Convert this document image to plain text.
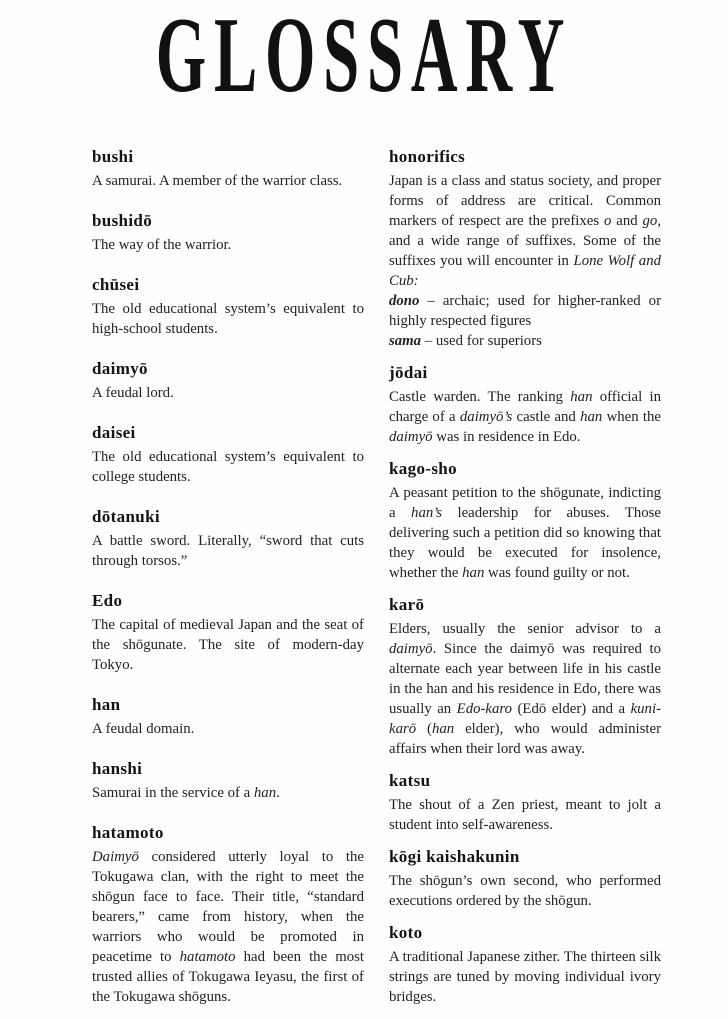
GLOSSARY
bushi

A samurai. A member of the warrior class.

bushidō

The way of the warrior.

chūsei

The old educational system’s equivalent to high-school students.

daimyō

A feudal lord.

daisei

The old educational system’s equivalent to college students.

dōtanuki

A battle sword. Literally, “sword that cuts through torsos.”

Edo

The capital of medieval Japan and the seat of the shōgunate. The site of modern-day Tokyo.

han

A feudal domain.

hanshi

Samurai in the service of a han.

hatamoto

Daimyō considered utterly loyal to the Tokugawa clan, with the right to meet the shōgun face to face. Their title, “standard bearers,” came from history, when the warriors who would be promoted in peacetime to hatamoto had been the most trusted allies of Tokugawa Ieyasu, the first of the Tokugawa shōguns.

honorifics

Japan is a class and status society, and proper forms of address are critical. Common markers of respect are the prefixes o and go, and a wide range of suffixes. Some of the suffixes you will encounter in Lone Wolf and Cub:

dono – archaic; used for higher-ranked or highly respected figures

sama – used for superiors

jōdai

Castle warden. The ranking han official in charge of a daimyō’s castle and han when the daimyō was in residence in Edo.

kago-sho

A peasant petition to the shōgunate, indicting a han’s leadership for abuses. Those delivering such a petition did so knowing that they would be executed for insolence, whether the han was found guilty or not.

karō

Elders, usually the senior advisor to a daimyō. Since the daimyō was required to alternate each year between life in his castle in the han and his residence in Edo, there was usually an Edo-karo (Edō elder) and a kuni-karō (han elder), who would administer affairs when their lord was away.

katsu

The shout of a Zen priest, meant to jolt a student into self-awareness.

kōgi kaishakunin

The shōgun’s own second, who performed executions ordered by the shōgun.

koto

A traditional Japanese zither. The thirteen silk strings are tuned by moving individual ivory bridges.
